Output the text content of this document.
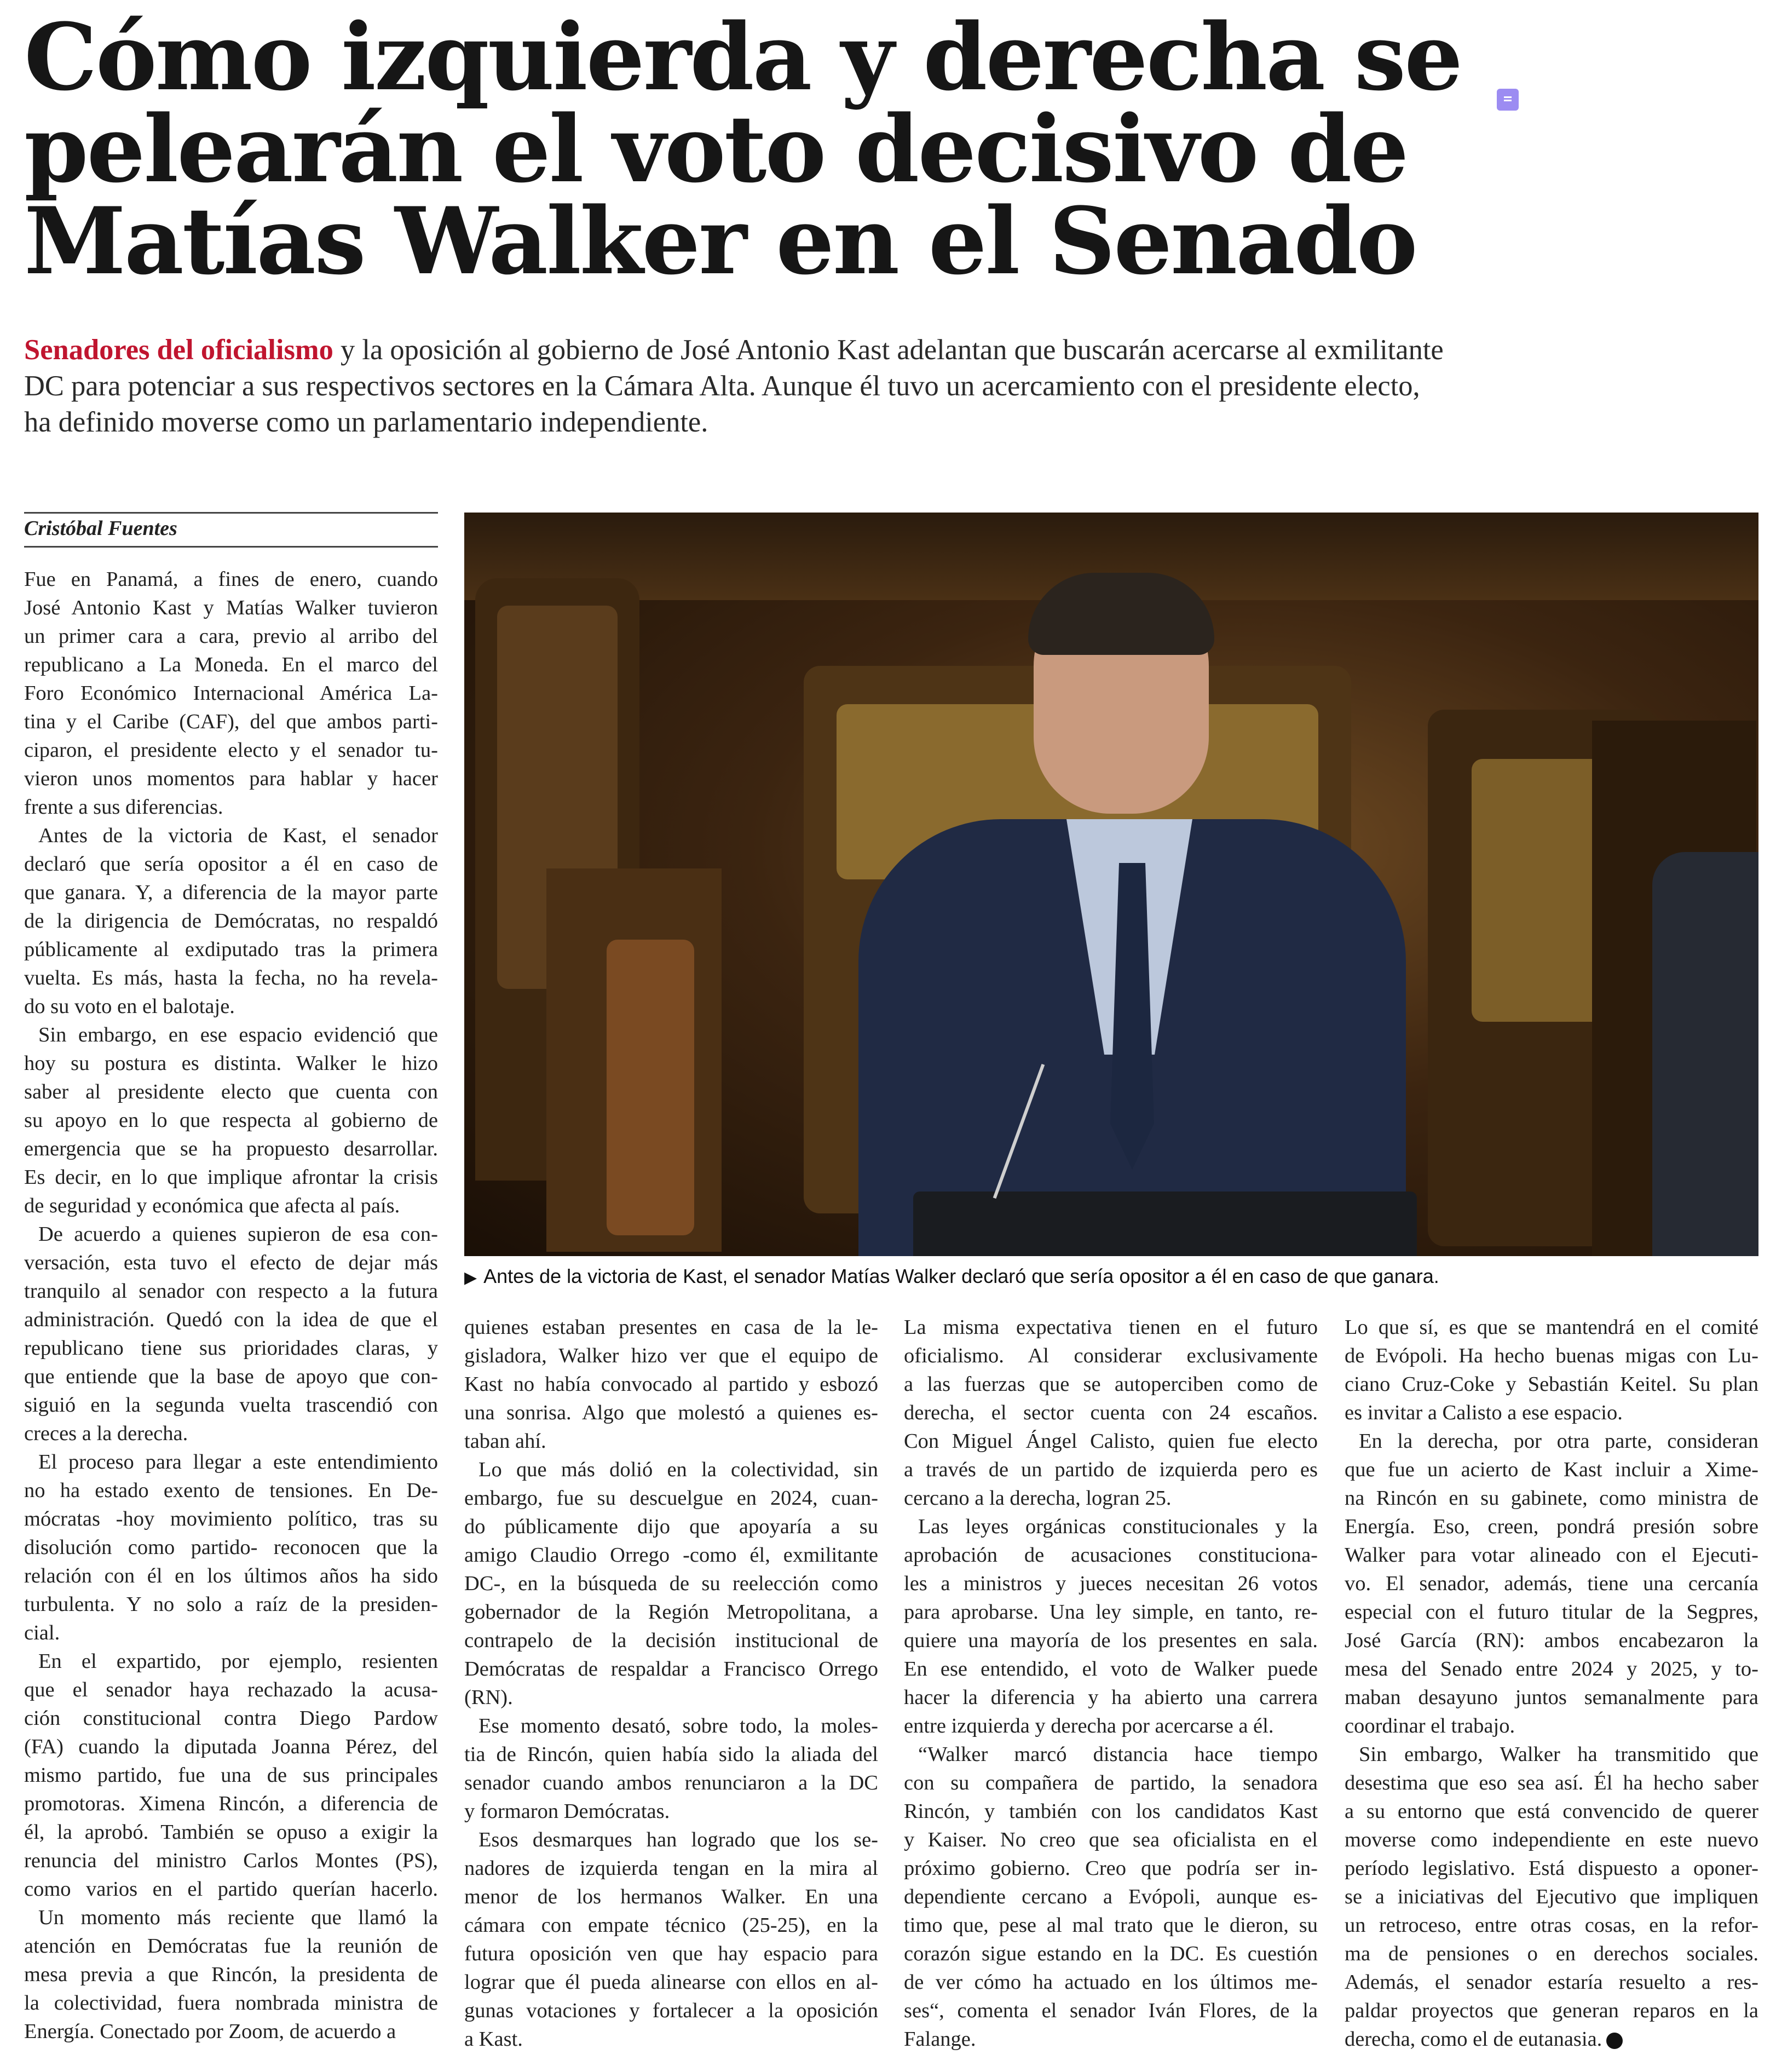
Cómo izquierda y derecha se
pelearán el voto decisivo de
Matías Walker en el Senado
Senadores del oficialismo y la oposición al gobierno de José Antonio Kast adelantan que buscarán acercarse al exmilitante
DC para potenciar a sus respectivos sectores en la Cámara Alta. Aunque él tuvo un acercamiento con el presidente electo,
ha definido moverse como un parlamentario independiente.
Cristóbal Fuentes
▶ Antes de la victoria de Kast, el senador Matías Walker declaró que sería opositor a él en caso de que ganara.
Fue en Panamá, a fines de enero, cuando
José Antonio Kast y Matías Walker tuvieron
un primer cara a cara, previo al arribo del
republicano a La Moneda. En el marco del
Foro Económico Internacional América La-
tina y el Caribe (CAF), del que ambos parti-
ciparon, el presidente electo y el senador tu-
vieron unos momentos para hablar y hacer
frente a sus diferencias.
Antes de la victoria de Kast, el senador
declaró que sería opositor a él en caso de
que ganara. Y, a diferencia de la mayor parte
de la dirigencia de Demócratas, no respaldó
públicamente al exdiputado tras la primera
vuelta. Es más, hasta la fecha, no ha revela-
do su voto en el balotaje.
Sin embargo, en ese espacio evidenció que
hoy su postura es distinta. Walker le hizo
saber al presidente electo que cuenta con
su apoyo en lo que respecta al gobierno de
emergencia que se ha propuesto desarrollar.
Es decir, en lo que implique afrontar la crisis
de seguridad y económica que afecta al país.
De acuerdo a quienes supieron de esa con-
versación, esta tuvo el efecto de dejar más
tranquilo al senador con respecto a la futura
administración. Quedó con la idea de que el
republicano tiene sus prioridades claras, y
que entiende que la base de apoyo que con-
siguió en la segunda vuelta trascendió con
creces a la derecha.
El proceso para llegar a este entendimiento
no ha estado exento de tensiones. En De-
mócratas -hoy movimiento político, tras su
disolución como partido- reconocen que la
relación con él en los últimos años ha sido
turbulenta. Y no solo a raíz de la presiden-
cial.
En el expartido, por ejemplo, resienten
que el senador haya rechazado la acusa-
ción constitucional contra Diego Pardow
(FA) cuando la diputada Joanna Pérez, del
mismo partido, fue una de sus principales
promotoras. Ximena Rincón, a diferencia de
él, la aprobó. También se opuso a exigir la
renuncia del ministro Carlos Montes (PS),
como varios en el partido querían hacerlo.
Un momento más reciente que llamó la
atención en Demócratas fue la reunión de
mesa previa a que Rincón, la presidenta de
la colectividad, fuera nombrada ministra de
Energía. Conectado por Zoom, de acuerdo a
quienes estaban presentes en casa de la le-
gisladora, Walker hizo ver que el equipo de
Kast no había convocado al partido y esbozó
una sonrisa. Algo que molestó a quienes es-
taban ahí.
Lo que más dolió en la colectividad, sin
embargo, fue su descuelgue en 2024, cuan-
do públicamente dijo que apoyaría a su
amigo Claudio Orrego -como él, exmilitante
DC-, en la búsqueda de su reelección como
gobernador de la Región Metropolitana, a
contrapelo de la decisión institucional de
Demócratas de respaldar a Francisco Orrego
(RN).
Ese momento desató, sobre todo, la moles-
tia de Rincón, quien había sido la aliada del
senador cuando ambos renunciaron a la DC
y formaron Demócratas.
Esos desmarques han logrado que los se-
nadores de izquierda tengan en la mira al
menor de los hermanos Walker. En una
cámara con empate técnico (25-25), en la
futura oposición ven que hay espacio para
lograr que él pueda alinearse con ellos en al-
gunas votaciones y fortalecer a la oposición
a Kast.
La misma expectativa tienen en el futuro
oficialismo. Al considerar exclusivamente
a las fuerzas que se autoperciben como de
derecha, el sector cuenta con 24 escaños.
Con Miguel Ángel Calisto, quien fue electo
a través de un partido de izquierda pero es
cercano a la derecha, logran 25.
Las leyes orgánicas constitucionales y la
aprobación de acusaciones constituciona-
les a ministros y jueces necesitan 26 votos
para aprobarse. Una ley simple, en tanto, re-
quiere una mayoría de los presentes en sala.
En ese entendido, el voto de Walker puede
hacer la diferencia y ha abierto una carrera
entre izquierda y derecha por acercarse a él.
“Walker marcó distancia hace tiempo
con su compañera de partido, la senadora
Rincón, y también con los candidatos Kast
y Kaiser. No creo que sea oficialista en el
próximo gobierno. Creo que podría ser in-
dependiente cercano a Evópoli, aunque es-
timo que, pese al mal trato que le dieron, su
corazón sigue estando en la DC. Es cuestión
de ver cómo ha actuado en los últimos me-
ses“, comenta el senador Iván Flores, de la
Falange.
Lo que sí, es que se mantendrá en el comité
de Evópoli. Ha hecho buenas migas con Lu-
ciano Cruz-Coke y Sebastián Keitel. Su plan
es invitar a Calisto a ese espacio.
En la derecha, por otra parte, consideran
que fue un acierto de Kast incluir a Xime-
na Rincón en su gabinete, como ministra de
Energía. Eso, creen, pondrá presión sobre
Walker para votar alineado con el Ejecuti-
vo. El senador, además, tiene una cercanía
especial con el futuro titular de la Segpres,
José García (RN): ambos encabezaron la
mesa del Senado entre 2024 y 2025, y to-
maban desayuno juntos semanalmente para
coordinar el trabajo.
Sin embargo, Walker ha transmitido que
desestima que eso sea así. Él ha hecho saber
a su entorno que está convencido de querer
moverse como independiente en este nuevo
período legislativo. Está dispuesto a oponer-
se a iniciativas del Ejecutivo que impliquen
un retroceso, entre otras cosas, en la refor-
ma de pensiones o en derechos sociales.
Además, el senador estaría resuelto a res-
paldar proyectos que generan reparos en la
derecha, como el de eutanasia.
